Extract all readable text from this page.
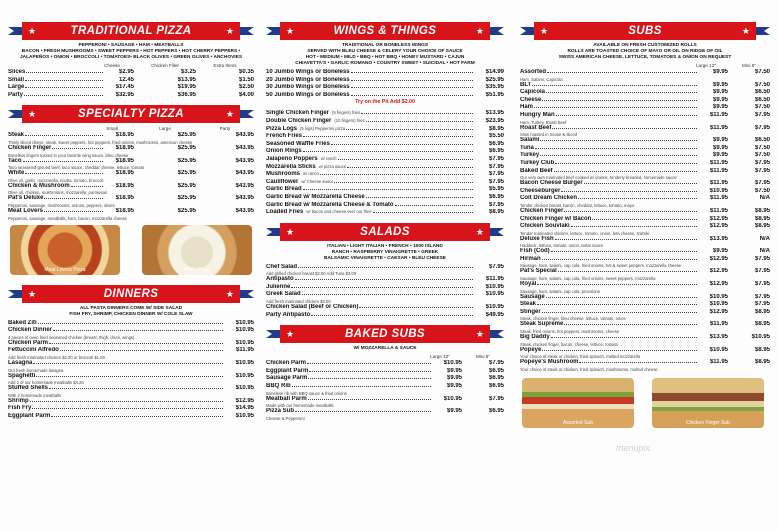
★	TRADITIONAL PIZZA	★
PEPPERONI • SAUSAGE • HAM • MEATBALLS
BACON • FRESH MUSHROOMS • SWEET PEPPERS • HOT PEPPERS • HOT CHERRY PEPPERS •
JALAPEÑOS • ONION • BROCCOLI • TOMATOES• BLACK OLIVES • GREEN OLIVES • ANCHOVIES
Cheese	Chicken Filler	Extra Items
Slices	$2.95	$3.25	$0.35
Small	12.45	$13.95	$1.50
Large	$17.45	$19.95	$2.50
Party	$32.95	$36.95	$4.00
★	SPECIALTY PIZZA	★
Small	Large	Party
Steak	$18.95	$25.95	$43.95
Thinly sliced ribeye, steak, sweet peppers, hot peppers, fried onions, mushrooms, american cheese
Chicken Finger	$18.95	$25.95	$43.95
Boneless fingers tossed in your favorite wing sauce, bleu cheese
Taco	$18.95	$25.95	$43.95
Taco seasoned ground beef, taco sauce, cheddar cheese, lettuce, tomato
White	$18.95	$25.95	$43.95
Olive oil, garlic, mozzarella, ricotta, tomato, broccoli
Chicken & Mushroom	$18.95	$25.95	$43.95
Olive oil, chicken, mushrooms, mozzarella, parmesan
Pat's Deluxe	$18.95	$25.95	$43.95
Pepperoni, sausage, mushrooms, onions, peppers, olives
Meat Lovers	$18.95	$25.95	$43.95
Pepperoni, sausage, meatballs, ham, bacon, mozzarella cheese
Meat Lovers Pizza	White Pizza
★	DINNERS	★
ALL PASTA DINNERS COME W/ SIDE SALAD
FISH FRY, SHRIMP, CHICKEN DINNER W/ COLE SLAW
Baked Ziti	$10.95
Chicken Dinner	$10.95
4 pieces of oven fried seasoned chicken (breast, thigh, drum, wings)
Chicken Parm	$10.95
Fettuccini Alfredo	$11.95
Add fresh marinated chicken $2.00 or broccoli $1.00
Lasagna	$10.95
Our fresh homemade lasagna
Spaghetti	$10.95
Add 2 of our homemade meatballs $4.25
Stuffed Shells	$10.95
With 2 homemade meatballs
Shrimp	$12.95
Fish Fry	$14.95
Eggplant Parm	$10.95
★	WINGS & THINGS	★
TRADITIONAL OR BONELESS WINGS
SERVED WITH BLEU CHEESE & CELERY YOUR CHOICE OF SAUCE
HOT • MEDIUM • MILD • BBQ • HOT BBQ • HONEY MUSTARD • CAJUN
CHIAVETTA'S • GARLIC ROMANO • COUNTRY SWEET • SUICIDAL • HOT FARM
10 Jumbo Wings or Boneless	$14.99
20 Jumbo Wings or Boneless	$25.95
30 Jumbo Wings or Boneless	$35.95
50 Jumbo Wings or Boneless	$51.95
Try on the Pit Add $2.00
Single Chicken Finger (5 fingers) fries	$13.95
Double Chicken Finger (10 fingers) fries	$23.95
Pizza Logs (5 logs) Pepperoni pizza	$8.95
French Fries	$5.50
Seasoned Waffle Fries	$6.95
Onion Rings	$6.95
Jalapeño Poppers w/ ranch	$7.95
Mozzarella Sticks w/ pizza sauce	$7.95
Mushrooms w/ ranch	$7.95
Cauliflower w/ Cheese sauce	$7.95
Garlic Bread	$5.95
Garlic Bread w/ Mozzarella Cheese	$6.95
Garlic Bread w/ Mozzarella Cheese & Tomato	$7.95
Loaded Fries w/ bacon and cheese over our fries	$8.95
★	SALADS	★
ITALIAN • LIGHT ITALIAN • FRENCH • 1000 ISLAND
RANCH • RASPBERRY VINAIGRETTE • GREEK
BALSAMIC VINAIGRETTE • CAESAR • BLEU CHEESE
Chef Salad	$7.95
Add grilled chicken breast $2.00 Add Tuna $3.00
Antipasto	$11.95
Julienne	$10.95
Greek Salad	$10.95
Add fresh marinated chicken $3.00
Chicken Salad (Beef or Chicken)	$10.95
Party Antipasto	$49.95
★	BAKED SUBS	★
W/ MOZZARELLA & SAUCE
Large 12"	Mini 8"
Chicken Parm	$10.95	$7.95
Eggplant Parm	$9.95	$6.95
Sausage Parm	$9.95	$6.95
BBQ Rib	$9.95	$6.95
Boneless rib with BBQ sauce & fried onions
Meatball Parm	$10.95	$7.95
Made with our homemade meatballs
Pizza Sub	$9.95	$6.95
Cheese & Pepperoni
★	SUBS	★
AVAILABLE ON FRESH CUSTOMIZED ROLLS
ROLLS ARE TOASTED CHOICE OF MAYO OR OIL ON RIDGE OF OIL
SWISS AMERICAN CHEESE, LETTUCE, TOMATOES & ONION ON REQUEST
Large 12"	Mini 8"
Assorted	$9.95	$7.50
Ham, Salami, Capicola
BLT	$9.95	$7.50
Capicola	$9.95	$6.50
Cheese	$9.95	$6.50
Ham	$9.95	$7.50
Hungry Man	$11.95	$7.95
Ham, Turkey, Roast Beef
Roast Beef	$11.95	$7.95
Slow roasted in house & sliced
Salami	$9.95	$6.50
Tuna	$9.95	$7.50
Turkey	$9.95	$7.50
Turkey Club	$11.95	$7.95
Baked Beef	$11.95	$7.95
Our very own marinated beef cooked w/ onions, tenderly breaded, homemade sauce
Bacon Cheese Burger	$11.95	$7.95
Cheeseburger	$10.95	$7.50
Coit Dream Chicken	$11.95	N/A
Tender chicken breast, bacon, cheddar, lettuce, tomato, mayo
Chicken Finger	$11.95	$8.95
Chicken Finger w/ Bacon	$12.95	$8.95
Chicken Souvlaki	$12.95	$8.95
Tender marinated chicken, lettuce, tomato, onion, feta cheese, tzatziki
Deluxe Fish	$13.95	N/A
Haddock, lettuce, tomato, onion, tartar sauce
Fish (Cod)	$9.95	N/A
Hirman	$12.95	$7.95
Sausage, ham, salami, cap cola, fried onions, hot & sweet peppers, mozzarella cheese
Pat's Special	$12.95	$7.95
Sausage, ham, salami, cap cola, fried onions, sweet peppers, mozzarella
Royal	$12.95	$7.95
Sausage, ham, salami, cap cola, provolone
Sausage	$10.95	$7.95
Steak	$10.95	$7.95
Stinger	$12.95	$8.95
Steak, chicken finger, bleu cheese, lettuce, tomato, onion
Steak Supreme	$11.95	$8.95
Steak, fried onions, hot peppers, mushrooms, cheese
Big Daddy	$13.95	$10.95
Steak, chicken finger, bacon, cheese, lettuce, tomato
Popeye	$10.95	$8.95
Your choice of steak or chicken, fried spinach, melted mozzarella
Popeye's Mushroom	$11.95	$8.95
Your choice of steak or chicken, fried spinach, mushrooms, melted cheese
Assorted Sub	Chicken Finger Sub
menupix
